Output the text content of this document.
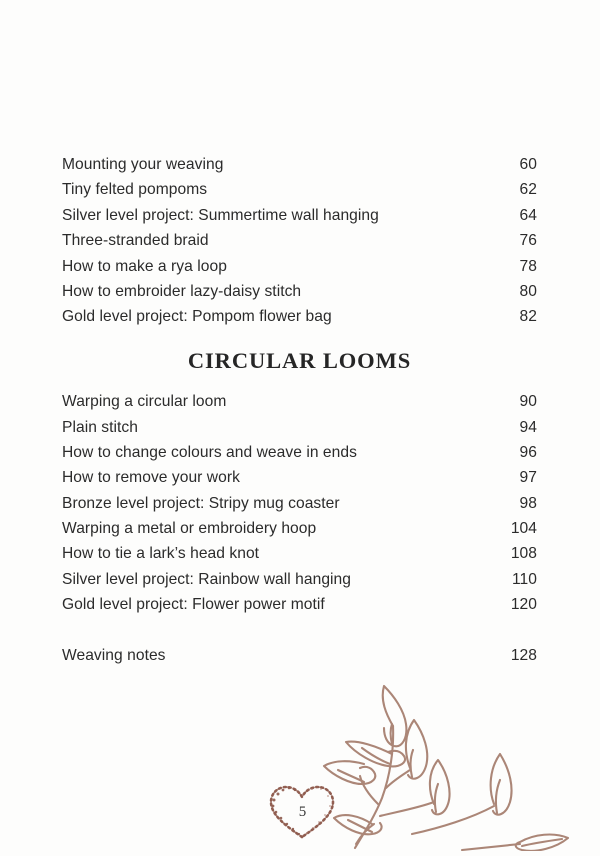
Mounting your weaving .....	60
Tiny felted pompoms .....	62
Silver level project: Summertime wall hanging .....	64
Three-stranded braid .....	76
How to make a rya loop .....	78
How to embroider lazy-daisy stitch .....	80
Gold level project: Pompom flower bag .....	82
CIRCULAR LOOMS
Warping a circular loom .....	90
Plain stitch .....	94
How to change colours and weave in ends .....	96
How to remove your work .....	97
Bronze level project: Stripy mug coaster .....	98
Warping a metal or embroidery hoop .....	104
How to tie a lark’s head knot .....	108
Silver level project: Rainbow wall hanging .....	110
Gold level project: Flower power motif .....	120
Weaving notes .....	128
5
